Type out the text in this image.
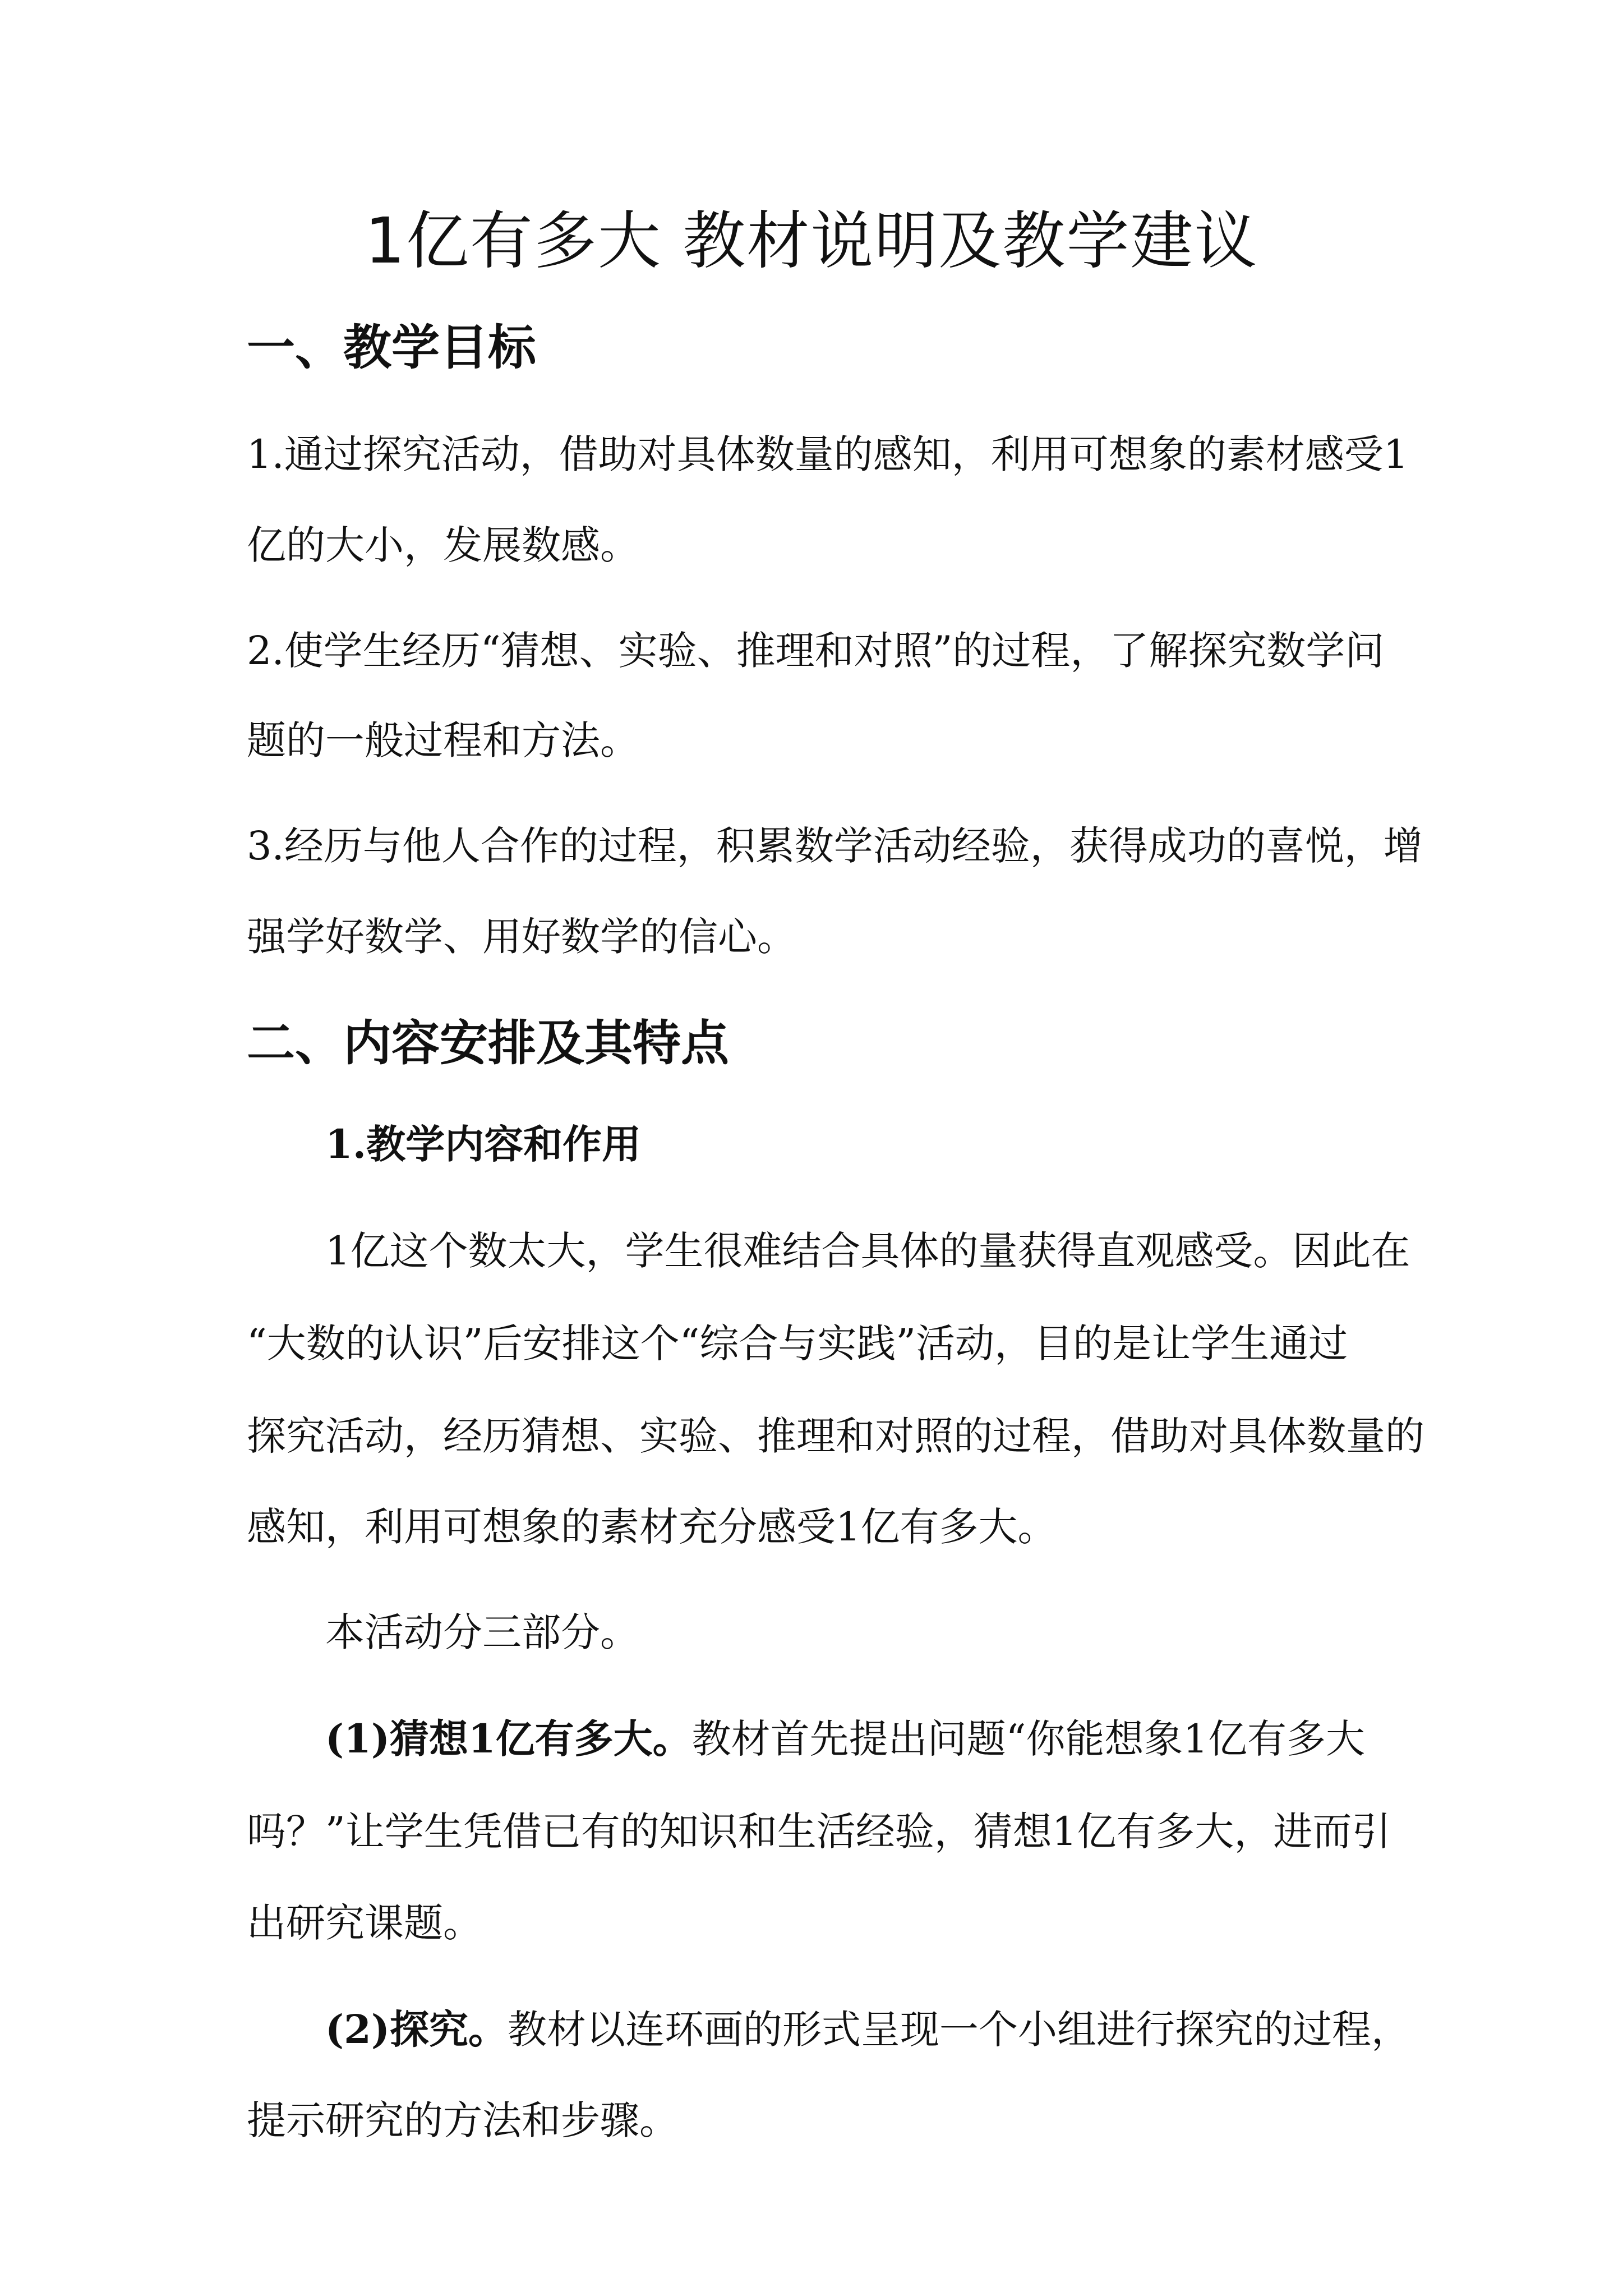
1亿有多大 教材说明及教学建议
一、教学目标
1.通过探究活动，借助对具体数量的感知，利用可想象的素材感受1
亿的大小，发展数感。
2.使学生经历“猜想、实验、推理和对照”的过程，了解探究数学问
题的一般过程和方法。
3.经历与他人合作的过程，积累数学活动经验，获得成功的喜悦，增
强学好数学、用好数学的信心。
二、内容安排及其特点
1.教学内容和作用
1亿这个数太大，学生很难结合具体的量获得直观感受。因此在
“大数的认识”后安排这个“综合与实践”活动，目的是让学生通过
探究活动，经历猜想、实验、推理和对照的过程，借助对具体数量的
感知，利用可想象的素材充分感受1亿有多大。
本活动分三部分。
(1)猜想1亿有多大。教材首先提出问题“你能想象1亿有多大
吗？”让学生凭借已有的知识和生活经验，猜想1亿有多大，进而引
出研究课题。
(2)探究。教材以连环画的形式呈现一个小组进行探究的过程，
提示研究的方法和步骤。
